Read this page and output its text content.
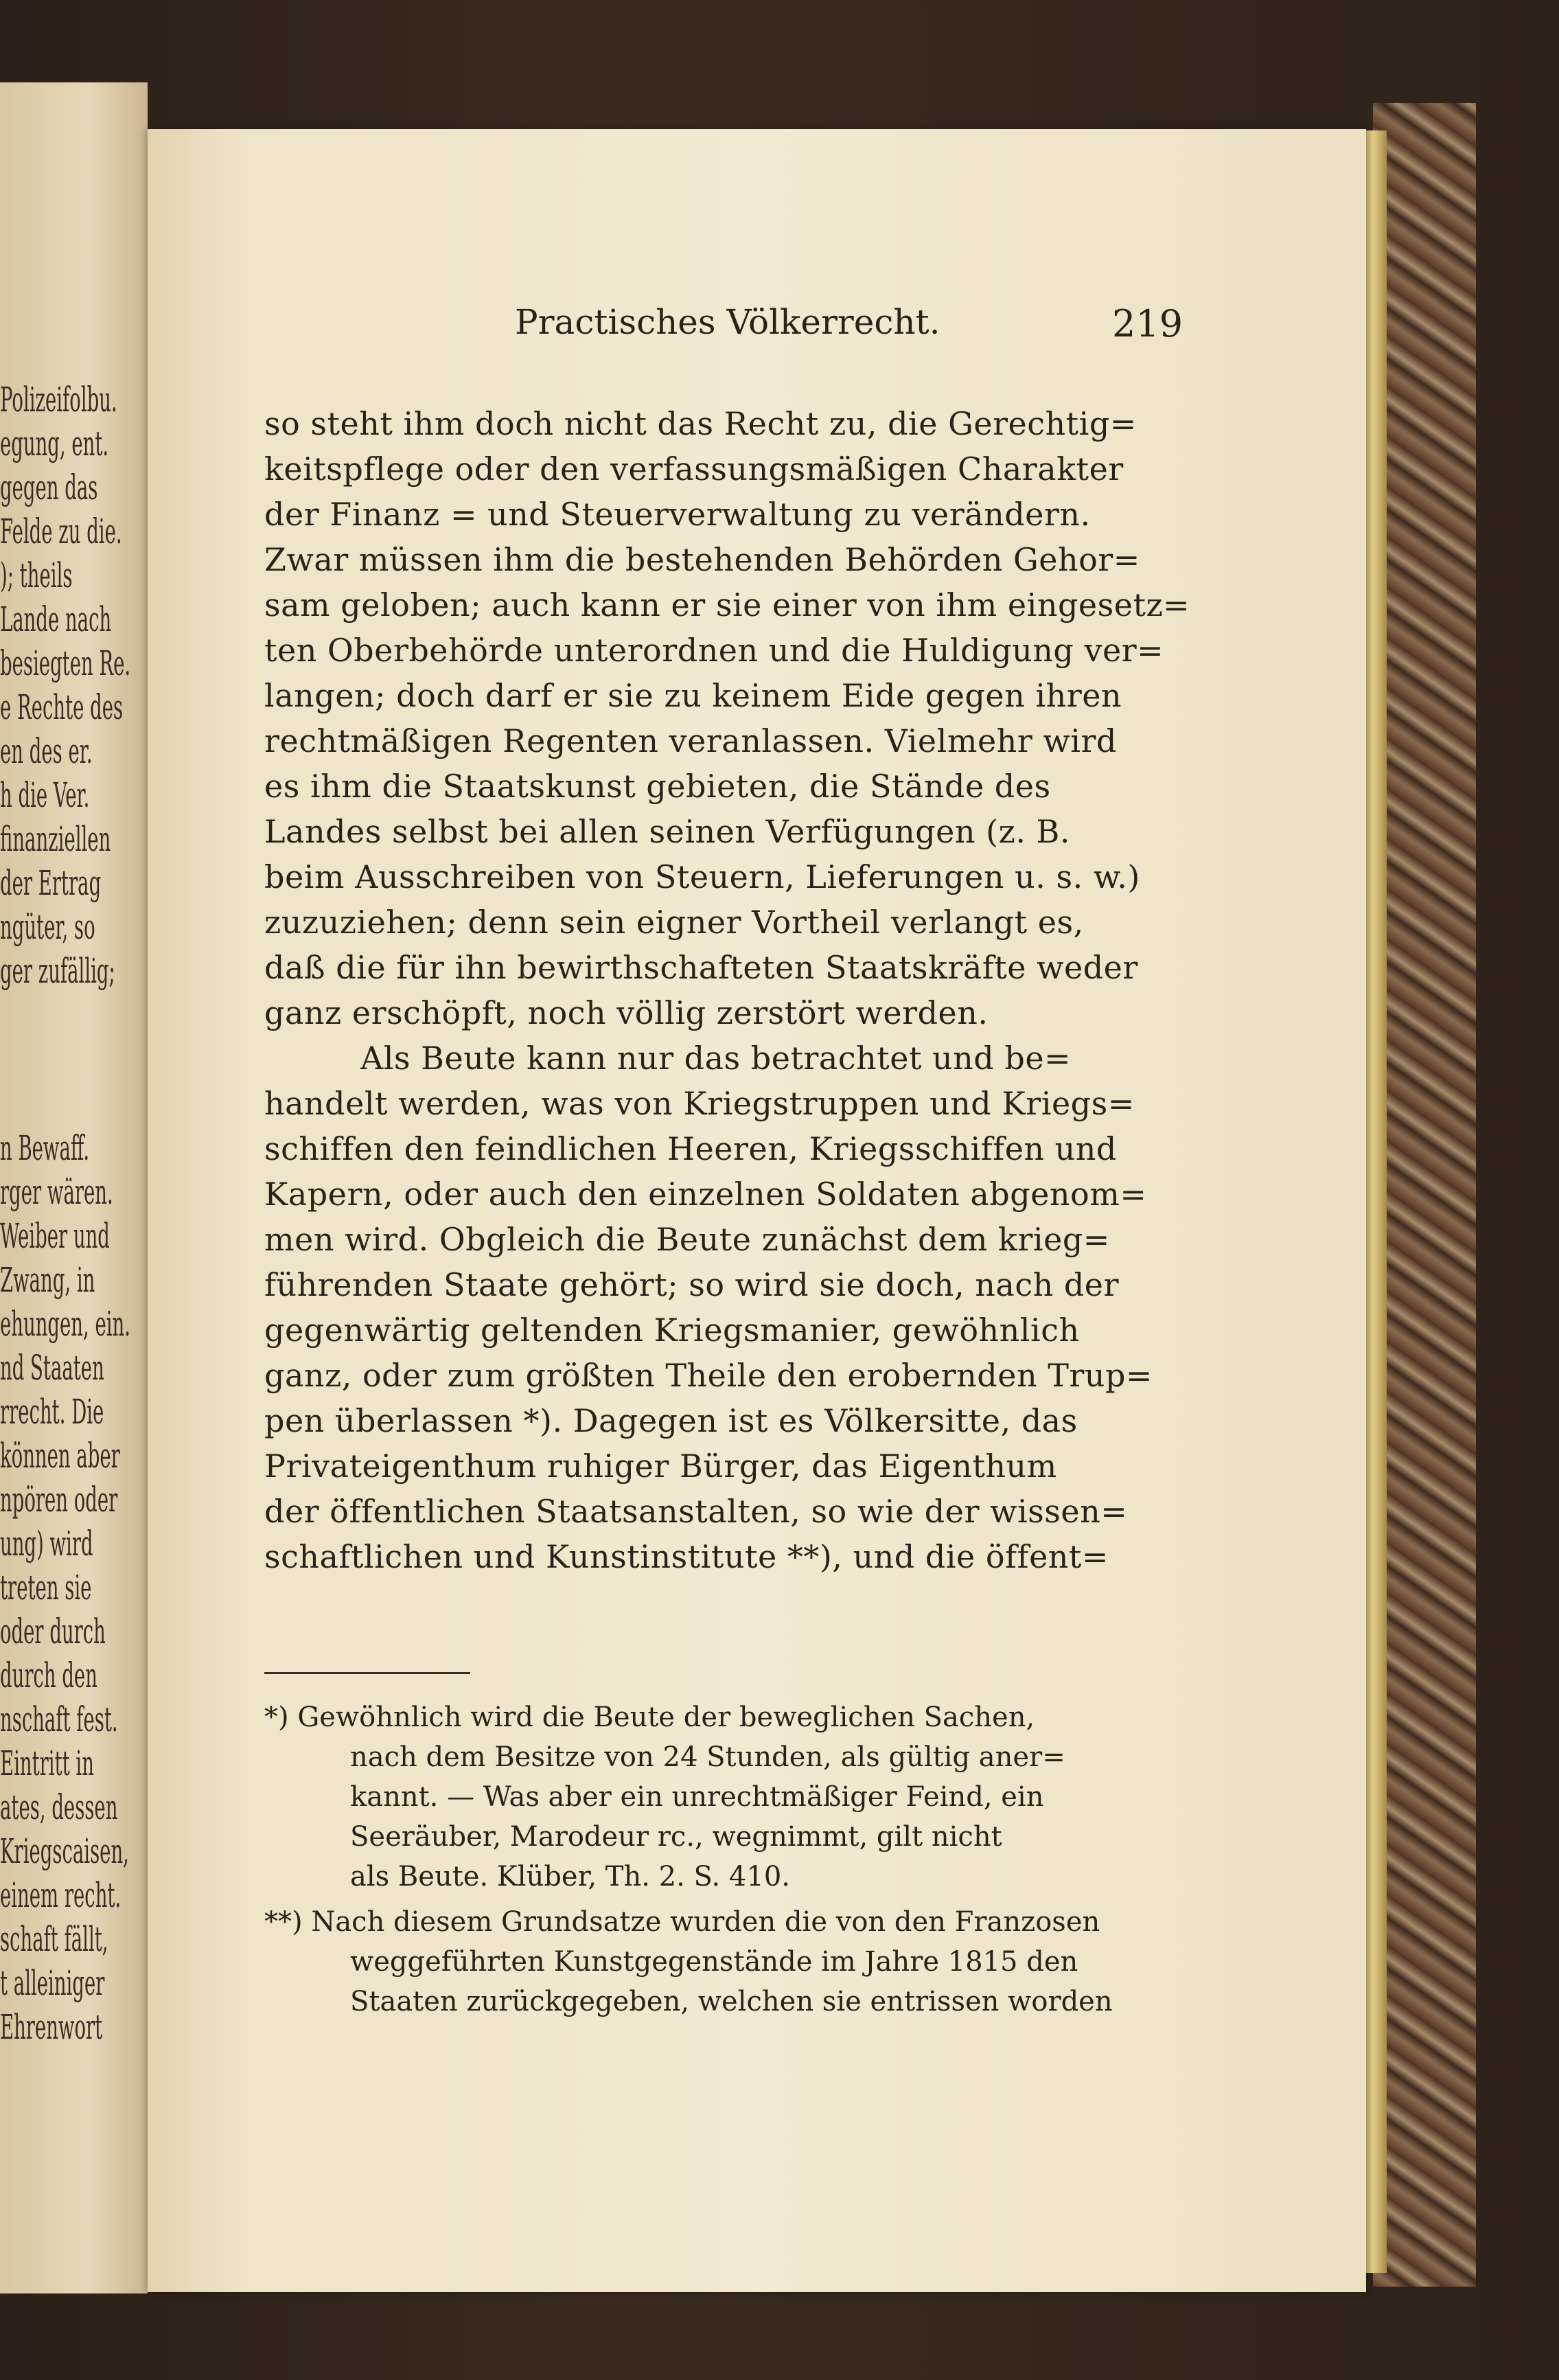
Polizeifolbu.
egung, ent.
gegen das
Felde zu die.
); theils
Lande nach
besiegten Re.
e Rechte des
en des er.
h die Ver.
finanziellen
der Ertrag
ngüter, so
ger zufällig;
n Bewaff.
rger wären.
Weiber und
Zwang, in
ehungen, ein.
nd Staaten
rrecht. Die
können aber
npören oder
ung) wird
treten sie
oder durch
durch den
nschaft fest.
Eintritt in
ates, dessen
Kriegscaisen,
einem recht.
schaft fällt,
t alleiniger
Ehrenwort
Practisches Völkerrecht.	219
so steht ihm doch nicht das Recht zu, die Gerechtig=
keitspflege oder den verfassungsmäßigen Charakter
der Finanz = und Steuerverwaltung zu verändern.
Zwar müssen ihm die bestehenden Behörden Gehor=
sam geloben; auch kann er sie einer von ihm eingesetz=
ten Oberbehörde unterordnen und die Huldigung ver=
langen; doch darf er sie zu keinem Eide gegen ihren
rechtmäßigen Regenten veranlassen. Vielmehr wird
es ihm die Staatskunst gebieten, die Stände des
Landes selbst bei allen seinen Verfügungen (z. B.
beim Ausschreiben von Steuern, Lieferungen u. s. w.)
zuzuziehen; denn sein eigner Vortheil verlangt es,
daß die für ihn bewirthschafteten Staatskräfte weder
ganz erschöpft, noch völlig zerstört werden.
Als Beute kann nur das betrachtet und be=
handelt werden, was von Kriegstruppen und Kriegs=
schiffen den feindlichen Heeren, Kriegsschiffen und
Kapern, oder auch den einzelnen Soldaten abgenom=
men wird. Obgleich die Beute zunächst dem krieg=
führenden Staate gehört; so wird sie doch, nach der
gegenwärtig geltenden Kriegsmanier, gewöhnlich
ganz, oder zum größten Theile den erobernden Trup=
pen überlassen *). Dagegen ist es Völkersitte, das
Privateigenthum ruhiger Bürger, das Eigenthum
der öffentlichen Staatsanstalten, so wie der wissen=
schaftlichen und Kunstinstitute **), und die öffent=
*) Gewöhnlich wird die Beute der beweglichen Sachen,
nach dem Besitze von 24 Stunden, als gültig aner=
kannt. — Was aber ein unrechtmäßiger Feind, ein
Seeräuber, Marodeur rc., wegnimmt, gilt nicht
als Beute. Klüber, Th. 2. S. 410.
**) Nach diesem Grundsatze wurden die von den Franzosen
weggeführten Kunstgegenstände im Jahre 1815 den
Staaten zurückgegeben, welchen sie entrissen worden
